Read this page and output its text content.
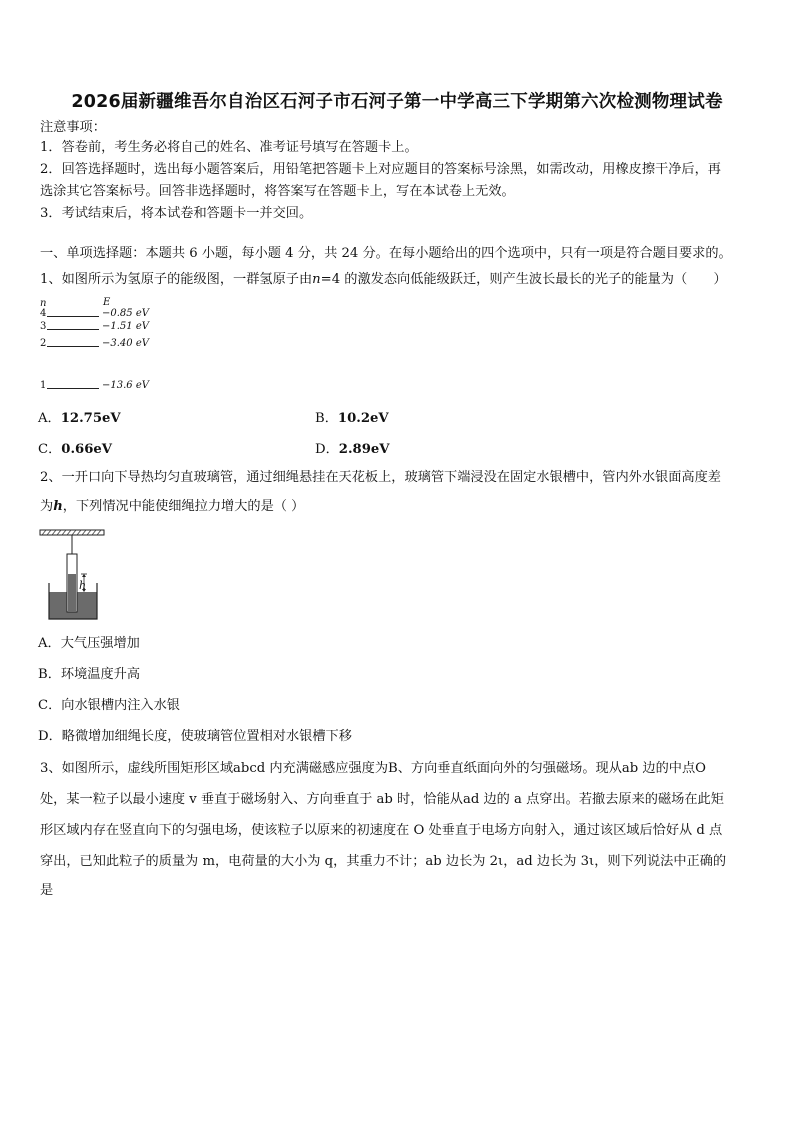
2026届新疆维吾尔自治区石河子市石河子第一中学高三下学期第六次检测物理试卷
注意事项：
1．答卷前，考生务必将自己的姓名、准考证号填写在答题卡上。
2．回答选择题时，选出每小题答案后，用铅笔把答题卡上对应题目的答案标号涂黑，如需改动，用橡皮擦干净后，再
选涂其它答案标号。回答非选择题时，将答案写在答题卡上，写在本试卷上无效。
3．考试结束后，将本试卷和答题卡一并交回。
一、单项选择题：本题共 6 小题，每小题 4 分，共 24 分。在每小题给出的四个选项中，只有一项是符合题目要求的。
1、如图所示为氢原子的能级图，一群氢原子由n=4 的激发态向低能级跃迁，则产生波长最长的光子的能量为（　　）
n	E
4	−0.85 eV
3	−1.51 eV
2	−3.40 eV
1	−13.6 eV
A．12.75eV	B．10.2eV
C．0.66eV	D．2.89eV
2、一开口向下导热均匀直玻璃管，通过细绳悬挂在天花板上，玻璃管下端浸没在固定水银槽中，管内外水银面高度差
为h，下列情况中能使细绳拉力增大的是（ ）
h
A．大气压强增加
B．环境温度升高
C．向水银槽内注入水银
D．略微增加细绳长度，使玻璃管位置相对水银槽下移
3、如图所示，虚线所围矩形区域abcd 内充满磁感应强度为B、方向垂直纸面向外的匀强磁场。现从ab 边的中点O
处，某一粒子以最小速度 v 垂直于磁场射入、方向垂直于 ab 时，恰能从ad 边的 a 点穿出。若撤去原来的磁场在此矩
形区域内存在竖直向下的匀强电场，使该粒子以原来的初速度在 O 处垂直于电场方向射入，通过该区域后恰好从 d 点
穿出，已知此粒子的质量为 m，电荷量的大小为 q，其重力不计；ab 边长为 2ι，ad 边长为 3ι，则下列说法中正确的
是
